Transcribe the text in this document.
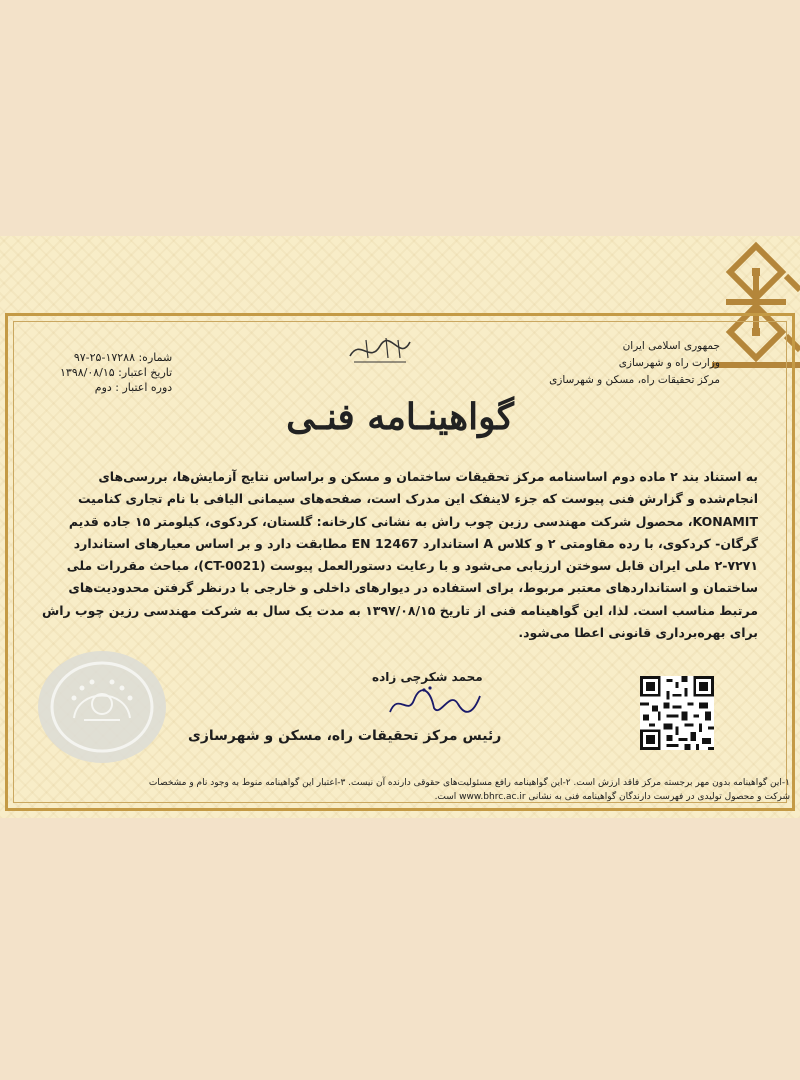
جمهوری اسلامی ایران
وزارت راه و شهرسازی
مرکز تحقیقات راه، مسکن و شهرسازی
شماره: ۱۷۲۸۸-۲۵-۹۷
تاریخ اعتبار: ۱۳۹۸/۰۸/۱۵
دوره اعتبار : دوم
گواهینـامه فنـی

به استناد بند ۲ ماده دوم اساسنامه مرکز تحقیقات ساختمان و مسکن و براساس نتایج آزمایش‌ها، بررسی‌های

انجام‌شده و گزارش فنی پیوست که جزء لاینفک این مدرک است، صفحه‌های سیمانی الیافی با نام تجاری کنامیت

KONAMIT، محصول شرکت مهندسی رزین چوب راش به نشانی کارخانه: گلستان، کردکوی، کیلومتر ۱۵ جاده قدیم

گرگان- کردکوی، با رده مقاومتی ۲ و کلاس A استاندارد EN 12467 مطابقت دارد و بر اساس معیارهای استاندارد

۲-۷۲۷۱ ملی ایران قابل سوختن ارزیابی می‌شود و با رعایت دستورالعمل پیوست (CT-0021)، مباحث مقررات ملی

ساختمان و استانداردهای معتبر مربوط، برای استفاده در دیوارهای داخلی و خارجی با درنظر گرفتن محدودیت‌های

مرتبط مناسب است. لذا، این گواهینامه فنی از تاریخ ۱۳۹۷/۰۸/۱۵ به مدت یک سال به شرکت مهندسی رزین چوب راش

برای بهره‌برداری قانونی اعطا می‌شود.

محمد شکرچی زاده
رئیس مرکز تحقیقات راه، مسکن و شهرسازی
۱-این گواهینامه بدون مهر برجسته مرکز فاقد ارزش است. ۲-این گواهینامه رافع مسئولیت‌های حقوقی دارنده آن نیست. ۳-اعتبار این گواهینامه منوط به وجود نام و مشخصات
شرکت و محصول تولیدی در فهرست دارندگان گواهینامه فنی به نشانی www.bhrc.ac.ir است.
